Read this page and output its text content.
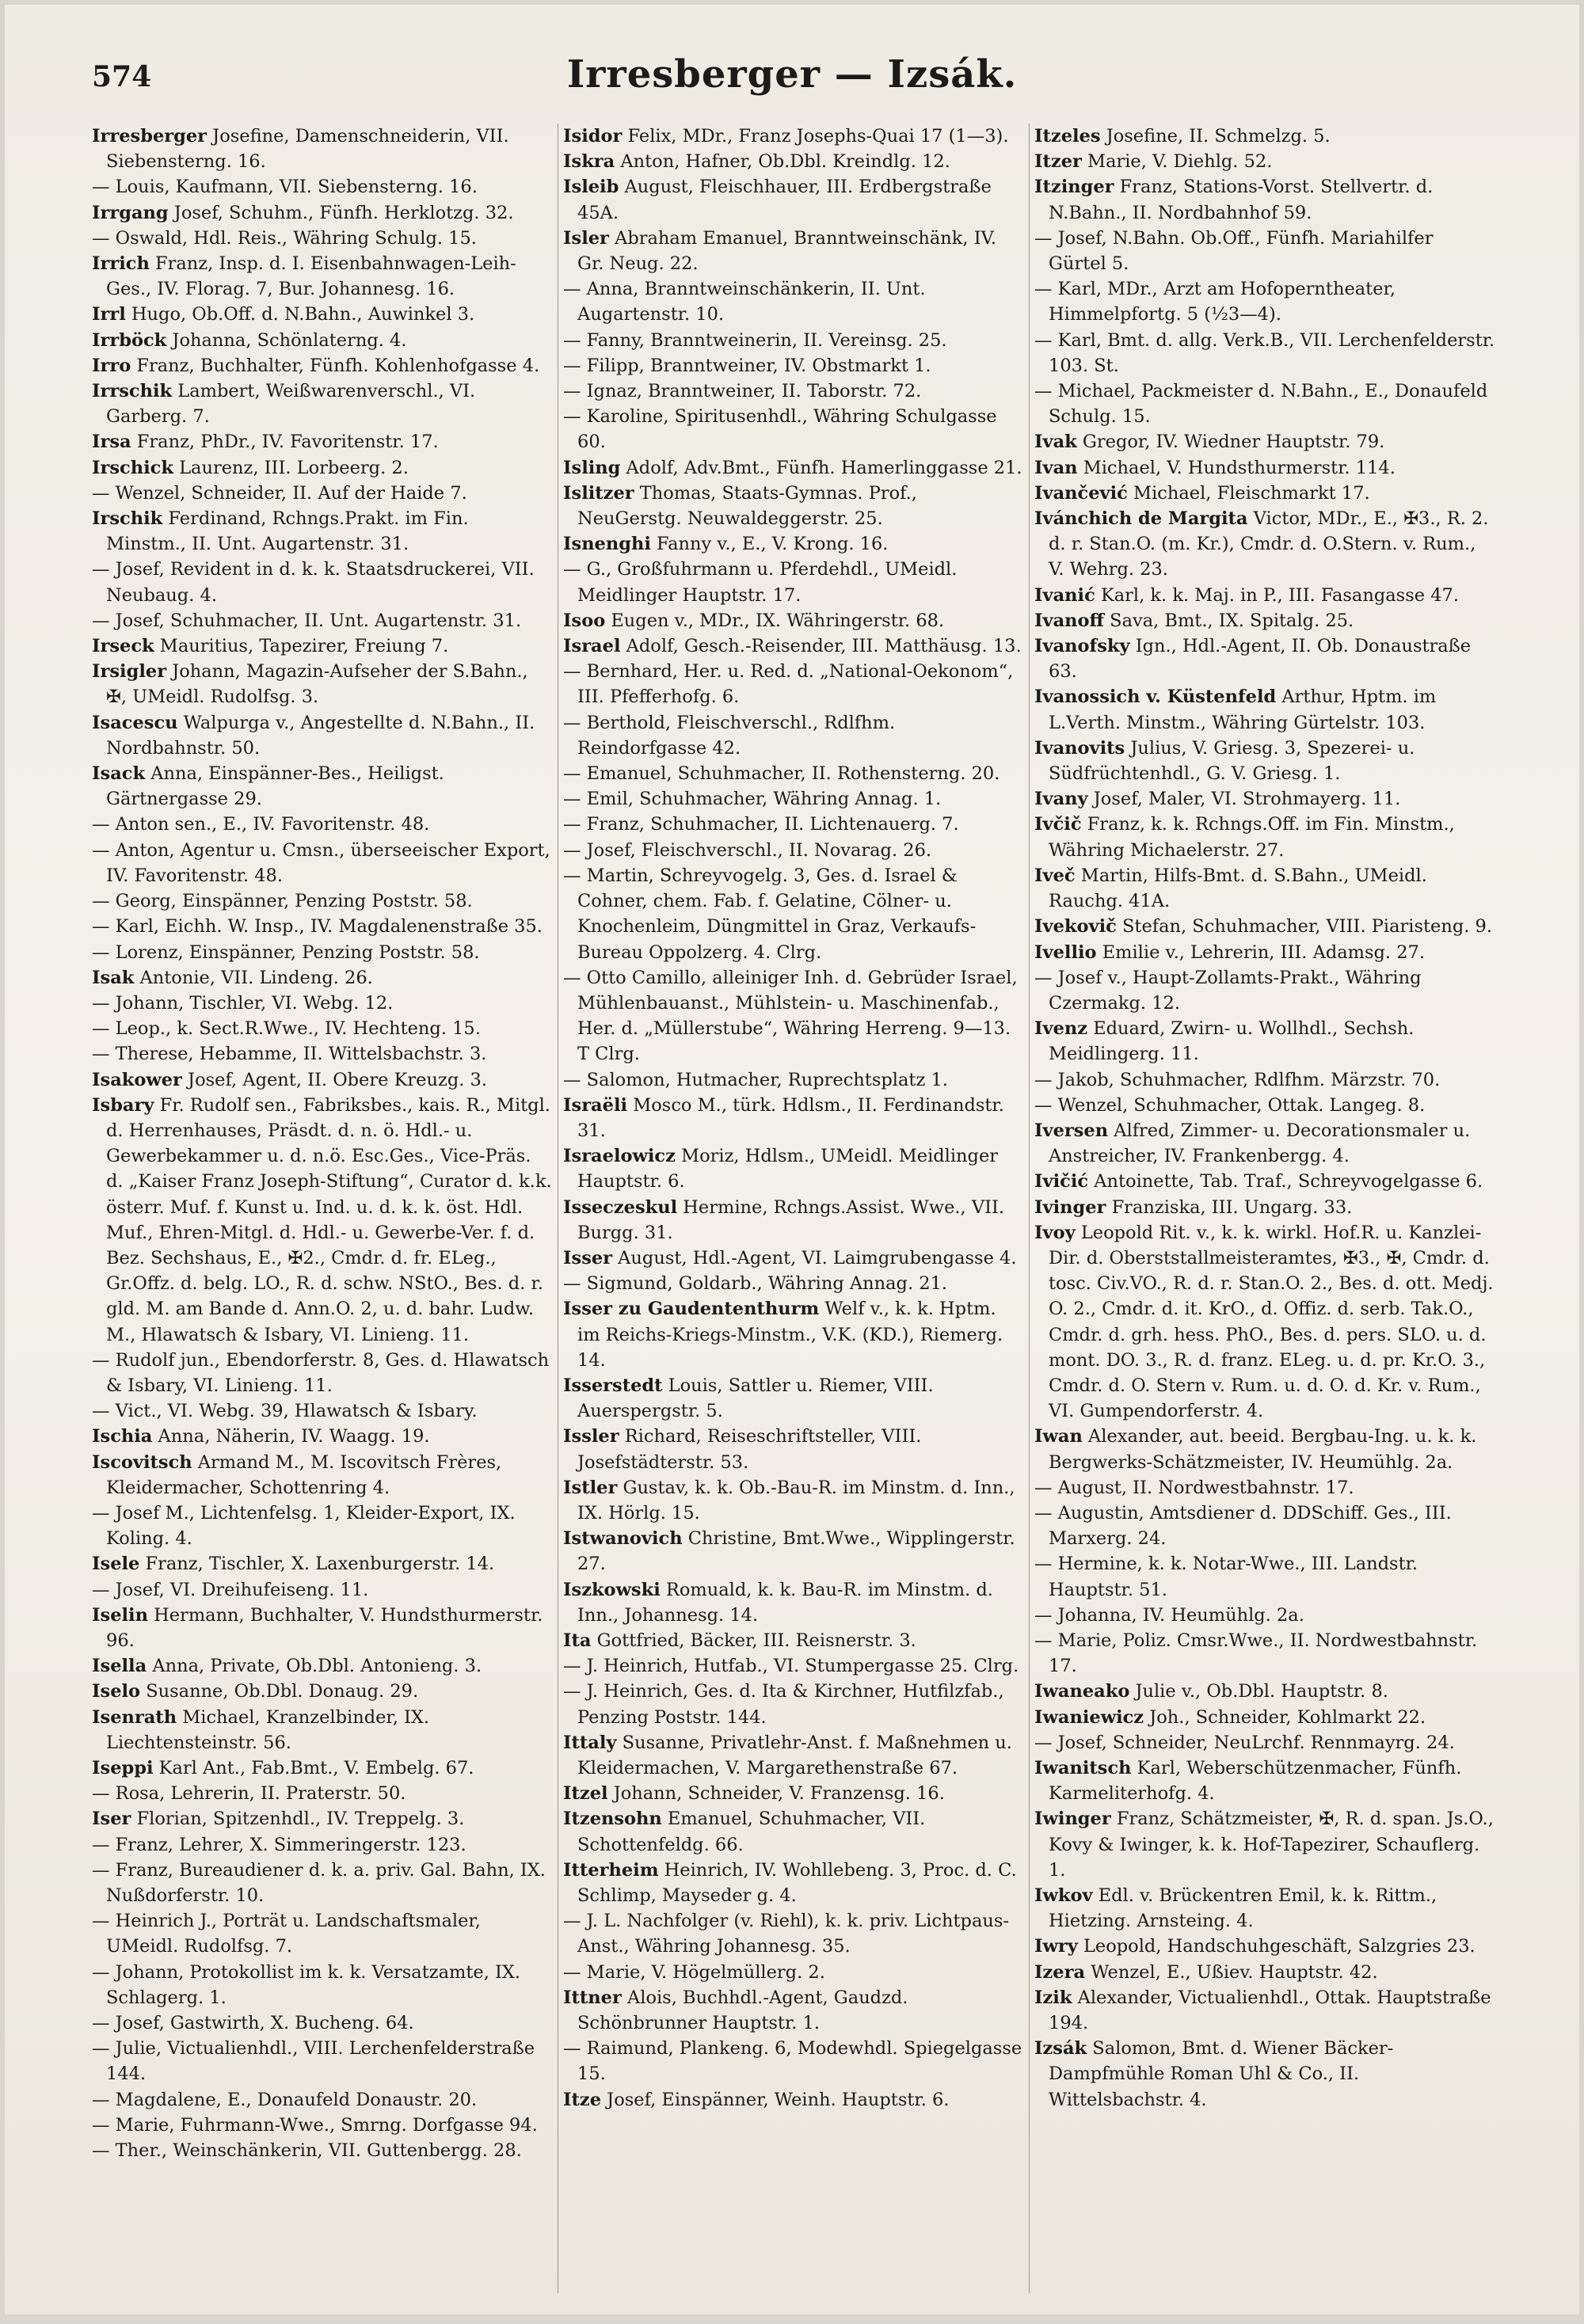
574	Irresberger — Izsák.
Irresberger Josefine, Damenschneiderin, VII. Siebensterng. 16.
— Louis, Kaufmann, VII. Siebensterng. 16.
Irrgang Josef, Schuhm., Fünfh. Herklotzg. 32.
— Oswald, Hdl. Reis., Währing Schulg. 15.
Irrich Franz, Insp. d. I. Eisenbahnwagen-Leih-Ges., IV. Florag. 7, Bur. Johannesg. 16.
Irrl Hugo, Ob.Off. d. N.Bahn., Auwinkel 3.
Irrböck Johanna, Schönlaterng. 4.
Irro Franz, Buchhalter, Fünfh. Kohlenhofgasse 4.
Irrschik Lambert, Weißwarenverschl., VI. Garberg. 7.
Irsa Franz, PhDr., IV. Favoritenstr. 17.
Irschick Laurenz, III. Lorbeerg. 2.
— Wenzel, Schneider, II. Auf der Haide 7.
Irschik Ferdinand, Rchngs.Prakt. im Fin. Minstm., II. Unt. Augartenstr. 31.
— Josef, Revident in d. k. k. Staatsdruckerei, VII. Neubaug. 4.
— Josef, Schuhmacher, II. Unt. Augartenstr. 31.
Irseck Mauritius, Tapezirer, Freiung 7.
Irsigler Johann, Magazin-Aufseher der S.Bahn., ✠, UMeidl. Rudolfsg. 3.
Isacescu Walpurga v., Angestellte d. N.Bahn., II. Nordbahnstr. 50.
Isack Anna, Einspänner-Bes., Heiligst. Gärtnergasse 29.
— Anton sen., E., IV. Favoritenstr. 48.
— Anton, Agentur u. Cmsn., überseeischer Export, IV. Favoritenstr. 48.
— Georg, Einspänner, Penzing Poststr. 58.
— Karl, Eichh. W. Insp., IV. Magdalenenstraße 35.
— Lorenz, Einspänner, Penzing Poststr. 58.
Isak Antonie, VII. Lindeng. 26.
— Johann, Tischler, VI. Webg. 12.
— Leop., k. Sect.R.Wwe., IV. Hechteng. 15.
— Therese, Hebamme, II. Wittelsbachstr. 3.
Isakower Josef, Agent, II. Obere Kreuzg. 3.
Isbary Fr. Rudolf sen., Fabriksbes., kais. R., Mitgl. d. Herrenhauses, Präsdt. d. n. ö. Hdl.- u. Gewerbekammer u. d. n.ö. Esc.Ges., Vice-Präs. d. „Kaiser Franz Joseph-Stiftung“, Curator d. k.k. österr. Muf. f. Kunst u. Ind. u. d. k. k. öst. Hdl. Muf., Ehren-Mitgl. d. Hdl.- u. Gewerbe-Ver. f. d. Bez. Sechshaus, E., ✠2., Cmdr. d. fr. ELeg., Gr.Offz. d. belg. LO., R. d. schw. NStO., Bes. d. r. gld. M. am Bande d. Ann.O. 2, u. d. bahr. Ludw. M., Hlawatsch & Isbary, VI. Linieng. 11.
— Rudolf jun., Ebendorferstr. 8, Ges. d. Hlawatsch & Isbary, VI. Linieng. 11.
— Vict., VI. Webg. 39, Hlawatsch & Isbary.
Ischia Anna, Näherin, IV. Waagg. 19.
Iscovitsch Armand M., M. Iscovitsch Frères, Kleidermacher, Schottenring 4.
— Josef M., Lichtenfelsg. 1, Kleider-Export, IX. Koling. 4.
Isele Franz, Tischler, X. Laxenburgerstr. 14.
— Josef, VI. Dreihufeiseng. 11.
Iselin Hermann, Buchhalter, V. Hundsthurmerstr. 96.
Isella Anna, Private, Ob.Dbl. Antonieng. 3.
Iselo Susanne, Ob.Dbl. Donaug. 29.
Isenrath Michael, Kranzelbinder, IX. Liechtensteinstr. 56.
Iseppi Karl Ant., Fab.Bmt., V. Embelg. 67.
— Rosa, Lehrerin, II. Praterstr. 50.
Iser Florian, Spitzenhdl., IV. Treppelg. 3.
— Franz, Lehrer, X. Simmeringerstr. 123.
— Franz, Bureaudiener d. k. a. priv. Gal. Bahn, IX. Nußdorferstr. 10.
— Heinrich J., Porträt u. Landschaftsmaler, UMeidl. Rudolfsg. 7.
— Johann, Protokollist im k. k. Versatzamte, IX. Schlagerg. 1.
— Josef, Gastwirth, X. Bucheng. 64.
— Julie, Victualienhdl., VIII. Lerchenfelderstraße 144.
— Magdalene, E., Donaufeld Donaustr. 20.
— Marie, Fuhrmann-Wwe., Smrng. Dorfgasse 94.
— Ther., Weinschänkerin, VII. Guttenbergg. 28.
Isidor Felix, MDr., Franz Josephs-Quai 17 (1—3).
Iskra Anton, Hafner, Ob.Dbl. Kreindlg. 12.
Isleib August, Fleischhauer, III. Erdbergstraße 45A.
Isler Abraham Emanuel, Branntweinschänk, IV. Gr. Neug. 22.
— Anna, Branntweinschänkerin, II. Unt. Augartenstr. 10.
— Fanny, Branntweinerin, II. Vereinsg. 25.
— Filipp, Branntweiner, IV. Obstmarkt 1.
— Ignaz, Branntweiner, II. Taborstr. 72.
— Karoline, Spiritusenhdl., Währing Schulgasse 60.
Isling Adolf, Adv.Bmt., Fünfh. Hamerlinggasse 21.
Islitzer Thomas, Staats-Gymnas. Prof., NeuGerstg. Neuwaldeggerstr. 25.
Isnenghi Fanny v., E., V. Krong. 16.
— G., Großfuhrmann u. Pferdehdl., UMeidl. Meidlinger Hauptstr. 17.
Isoo Eugen v., MDr., IX. Währingerstr. 68.
Israel Adolf, Gesch.-Reisender, III. Matthäusg. 13.
— Bernhard, Her. u. Red. d. „National-Oekonom“, III. Pfefferhofg. 6.
— Berthold, Fleischverschl., Rdlfhm. Reindorfgasse 42.
— Emanuel, Schuhmacher, II. Rothensterng. 20.
— Emil, Schuhmacher, Währing Annag. 1.
— Franz, Schuhmacher, II. Lichtenauerg. 7.
— Josef, Fleischverschl., II. Novarag. 26.
— Martin, Schreyvogelg. 3, Ges. d. Israel & Cohner, chem. Fab. f. Gelatine, Cölner- u. Knochenleim, Düngmittel in Graz, Verkaufs-Bureau Oppolzerg. 4. Clrg.
— Otto Camillo, alleiniger Inh. d. Gebrüder Israel, Mühlenbauanst., Mühlstein- u. Maschinenfab., Her. d. „Müllerstube“, Währing Herreng. 9—13. T Clrg.
— Salomon, Hutmacher, Ruprechtsplatz 1.
Israëli Mosco M., türk. Hdlsm., II. Ferdinandstr. 31.
Israelowicz Moriz, Hdlsm., UMeidl. Meidlinger Hauptstr. 6.
Isseczeskul Hermine, Rchngs.Assist. Wwe., VII. Burgg. 31.
Isser August, Hdl.-Agent, VI. Laimgrubengasse 4.
— Sigmund, Goldarb., Währing Annag. 21.
Isser zu Gaudententhurm Welf v., k. k. Hptm. im Reichs-Kriegs-Minstm., V.K. (KD.), Riemerg. 14.
Isserstedt Louis, Sattler u. Riemer, VIII. Auerspergstr. 5.
Issler Richard, Reiseschriftsteller, VIII. Josefstädterstr. 53.
Istler Gustav, k. k. Ob.-Bau-R. im Minstm. d. Inn., IX. Hörlg. 15.
Istwanovich Christine, Bmt.Wwe., Wipplingerstr. 27.
Iszkowski Romuald, k. k. Bau-R. im Minstm. d. Inn., Johannesg. 14.
Ita Gottfried, Bäcker, III. Reisnerstr. 3.
— J. Heinrich, Hutfab., VI. Stumpergasse 25. Clrg.
— J. Heinrich, Ges. d. Ita & Kirchner, Hutfilzfab., Penzing Poststr. 144.
Ittaly Susanne, Privatlehr-Anst. f. Maßnehmen u. Kleidermachen, V. Margarethenstraße 67.
Itzel Johann, Schneider, V. Franzensg. 16.
Itzensohn Emanuel, Schuhmacher, VII. Schottenfeldg. 66.
Itterheim Heinrich, IV. Wohllebeng. 3, Proc. d. C. Schlimp, Mayseder g. 4.
— J. L. Nachfolger (v. Riehl), k. k. priv. Lichtpaus-Anst., Währing Johannesg. 35.
— Marie, V. Högelmüllerg. 2.
Ittner Alois, Buchhdl.-Agent, Gaudzd. Schönbrunner Hauptstr. 1.
— Raimund, Plankeng. 6, Modewhdl. Spiegelgasse 15.
Itze Josef, Einspänner, Weinh. Hauptstr. 6.
Itzeles Josefine, II. Schmelzg. 5.
Itzer Marie, V. Diehlg. 52.
Itzinger Franz, Stations-Vorst. Stellvertr. d. N.Bahn., II. Nordbahnhof 59.
— Josef, N.Bahn. Ob.Off., Fünfh. Mariahilfer Gürtel 5.
— Karl, MDr., Arzt am Hofoperntheater, Himmelpfortg. 5 (½3—4).
— Karl, Bmt. d. allg. Verk.B., VII. Lerchenfelderstr. 103. St.
— Michael, Packmeister d. N.Bahn., E., Donaufeld Schulg. 15.
Ivak Gregor, IV. Wiedner Hauptstr. 79.
Ivan Michael, V. Hundsthurmerstr. 114.
Ivančević Michael, Fleischmarkt 17.
Ivánchich de Margita Victor, MDr., E., ✠3., R. 2. d. r. Stan.O. (m. Kr.), Cmdr. d. O.Stern. v. Rum., V. Wehrg. 23.
Ivanić Karl, k. k. Maj. in P., III. Fasangasse 47.
Ivanoff Sava, Bmt., IX. Spitalg. 25.
Ivanofsky Ign., Hdl.-Agent, II. Ob. Donaustraße 63.
Ivanossich v. Küstenfeld Arthur, Hptm. im L.Verth. Minstm., Währing Gürtelstr. 103.
Ivanovits Julius, V. Griesg. 3, Spezerei- u. Südfrüchtenhdl., G. V. Griesg. 1.
Ivany Josef, Maler, VI. Strohmayerg. 11.
Ivčič Franz, k. k. Rchngs.Off. im Fin. Minstm., Währing Michaelerstr. 27.
Iveč Martin, Hilfs-Bmt. d. S.Bahn., UMeidl. Rauchg. 41A.
Ivekovič Stefan, Schuhmacher, VIII. Piaristeng. 9.
Ivellio Emilie v., Lehrerin, III. Adamsg. 27.
— Josef v., Haupt-Zollamts-Prakt., Währing Czermakg. 12.
Ivenz Eduard, Zwirn- u. Wollhdl., Sechsh. Meidlingerg. 11.
— Jakob, Schuhmacher, Rdlfhm. Märzstr. 70.
— Wenzel, Schuhmacher, Ottak. Langeg. 8.
Iversen Alfred, Zimmer- u. Decorationsmaler u. Anstreicher, IV. Frankenbergg. 4.
Ivičić Antoinette, Tab. Traf., Schreyvogelgasse 6.
Ivinger Franziska, III. Ungarg. 33.
Ivoy Leopold Rit. v., k. k. wirkl. Hof.R. u. Kanzlei-Dir. d. Oberststallmeisteramtes, ✠3., ✠, Cmdr. d. tosc. Civ.VO., R. d. r. Stan.O. 2., Bes. d. ott. Medj. O. 2., Cmdr. d. it. KrO., d. Offiz. d. serb. Tak.O., Cmdr. d. grh. hess. PhO., Bes. d. pers. SLO. u. d. mont. DO. 3., R. d. franz. ELeg. u. d. pr. Kr.O. 3., Cmdr. d. O. Stern v. Rum. u. d. O. d. Kr. v. Rum., VI. Gumpendorferstr. 4.
Iwan Alexander, aut. beeid. Bergbau-Ing. u. k. k. Bergwerks-Schätzmeister, IV. Heumühlg. 2a.
— August, II. Nordwestbahnstr. 17.
— Augustin, Amtsdiener d. DDSchiff. Ges., III. Marxerg. 24.
— Hermine, k. k. Notar-Wwe., III. Landstr. Hauptstr. 51.
— Johanna, IV. Heumühlg. 2a.
— Marie, Poliz. Cmsr.Wwe., II. Nordwestbahnstr. 17.
Iwaneako Julie v., Ob.Dbl. Hauptstr. 8.
Iwaniewicz Joh., Schneider, Kohlmarkt 22.
— Josef, Schneider, NeuLrchf. Rennmayrg. 24.
Iwanitsch Karl, Weberschützenmacher, Fünfh. Karmeliterhofg. 4.
Iwinger Franz, Schätzmeister, ✠, R. d. span. Js.O., Kovy & Iwinger, k. k. Hof-Tapezirer, Schauflerg. 1.
Iwkov Edl. v. Brückentren Emil, k. k. Rittm., Hietzing. Arnsteing. 4.
Iwry Leopold, Handschuhgeschäft, Salzgries 23.
Izera Wenzel, E., Ußiev. Hauptstr. 42.
Izik Alexander, Victualienhdl., Ottak. Hauptstraße 194.
Izsák Salomon, Bmt. d. Wiener Bäcker-Dampfmühle Roman Uhl & Co., II. Wittelsbachstr. 4.
